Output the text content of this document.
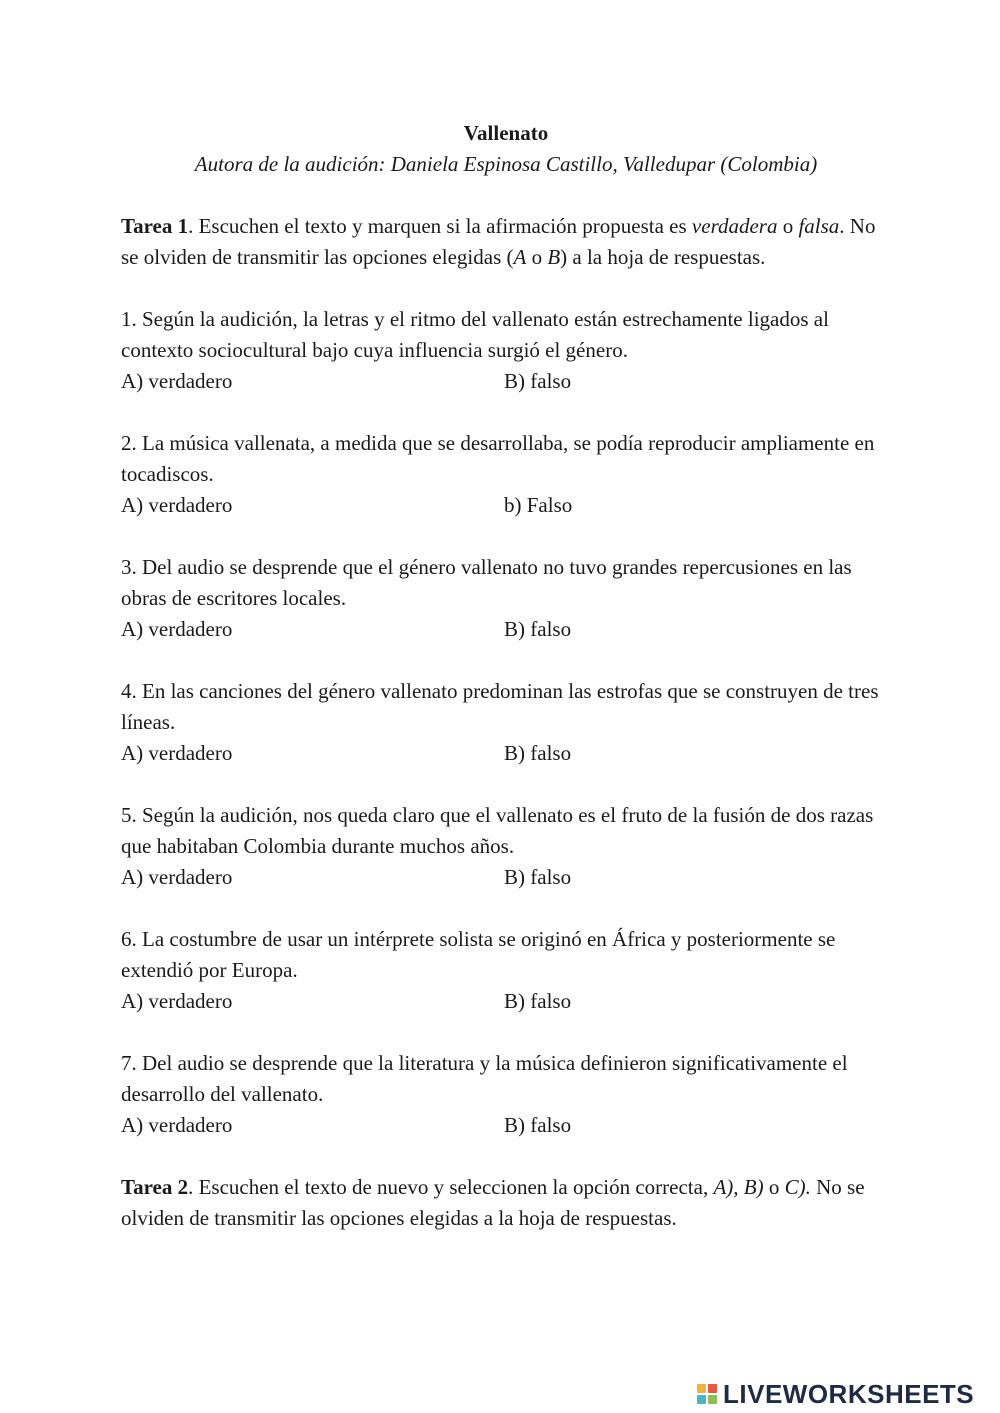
Vallenato

Autora de la audición: Daniela Espinosa Castillo, Valledupar (Colombia)

Tarea 1. Escuchen el texto y marquen si la afirmación propuesta es verdadera o falsa. No se olviden de transmitir las opciones elegidas (A o B) a la hoja de respuestas.

1. Según la audición, la letras y el ritmo del vallenato están estrechamente ligados al contexto sociocultural bajo cuya influencia surgió el género.

A) verdadero	B) falso

2. La música vallenata, a medida que se desarrollaba, se podía reproducir ampliamente en tocadiscos.

A) verdadero	b) Falso

3. Del audio se desprende que el género vallenato no tuvo grandes repercusiones en las obras de escritores locales.

A) verdadero	B) falso

4. En las canciones del género vallenato predominan las estrofas que se construyen de tres líneas.

A) verdadero	B) falso

5. Según la audición, nos queda claro que el vallenato es el fruto de la fusión de dos razas que habitaban Colombia durante muchos años.

A) verdadero	B) falso

6. La costumbre de usar un intérprete solista se originó en África y posteriormente se extendió por Europa.

A) verdadero	B) falso

7. Del audio se desprende que la literatura y la música definieron significativamente el desarrollo del vallenato.

A) verdadero	B) falso

Tarea 2. Escuchen el texto de nuevo y seleccionen la opción correcta, A), B) o C). No se olviden de transmitir las opciones elegidas a la hoja de respuestas.

LIVEWORKSHEETS
